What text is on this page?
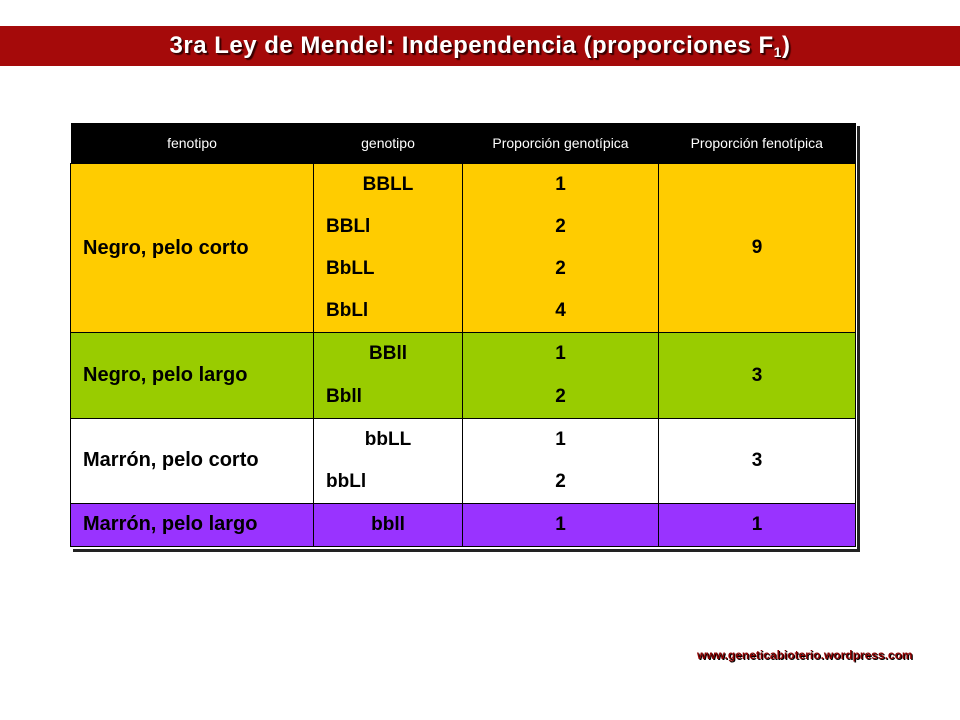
3ra Ley de Mendel: Independencia (proporciones $F_1$)
fenotipo	genotipo	Proporción genotípica	Proporción fenotípica
Negro, pelo corto	BBLL	1	9
	BBLl	2	
	BbLL	2	
	BbLl	4	
Negro, pelo largo	BBll	1	3
	Bbll	2	
Marrón, pelo corto	bbLL	1	3
	bbLl	2	
Marrón, pelo largo	bbll	1	1
www.geneticabioterio.wordpress.com
